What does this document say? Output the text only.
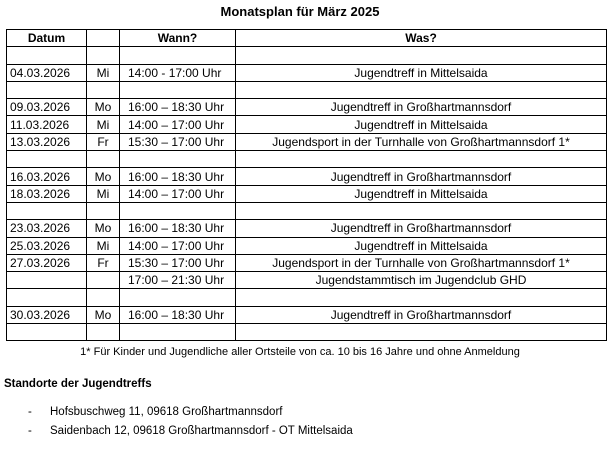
Monatsplan für März 2025
Datum		Wann?	Was?

04.03.2026	Mi	14:00 - 17:00 Uhr	Jugendtreff in Mittelsaida

09.03.2026	Mo	16:00 – 18:30 Uhr	Jugendtreff in Großhartmannsdorf
11.03.2026	Mi	14:00 – 17:00 Uhr	Jugendtreff in Mittelsaida
13.03.2026	Fr	15:30 – 17:00 Uhr	Jugendsport in der Turnhalle von Großhartmannsdorf 1*

16.03.2026	Mo	16:00 – 18:30 Uhr	Jugendtreff in Großhartmannsdorf
18.03.2026	Mi	14:00 – 17:00 Uhr	Jugendtreff in Mittelsaida

23.03.2026	Mo	16:00 – 18:30 Uhr	Jugendtreff in Großhartmannsdorf
25.03.2026	Mi	14:00 – 17:00 Uhr	Jugendtreff in Mittelsaida
27.03.2026	Fr	15:30 – 17:00 Uhr	Jugendsport in der Turnhalle von Großhartmannsdorf 1*
		17:00 – 21:30 Uhr	Jugendstammtisch im Jugendclub GHD

30.03.2026	Mo	16:00 – 18:30 Uhr	Jugendtreff in Großhartmannsdorf

1* Für Kinder und Jugendliche aller Ortsteile von ca. 10 bis 16 Jahre und ohne Anmeldung
Standorte der Jugendtreffs
- Hofsbuschweg 11, 09618 Großhartmannsdorf
- Saidenbach 12, 09618 Großhartmannsdorf - OT Mittelsaida
